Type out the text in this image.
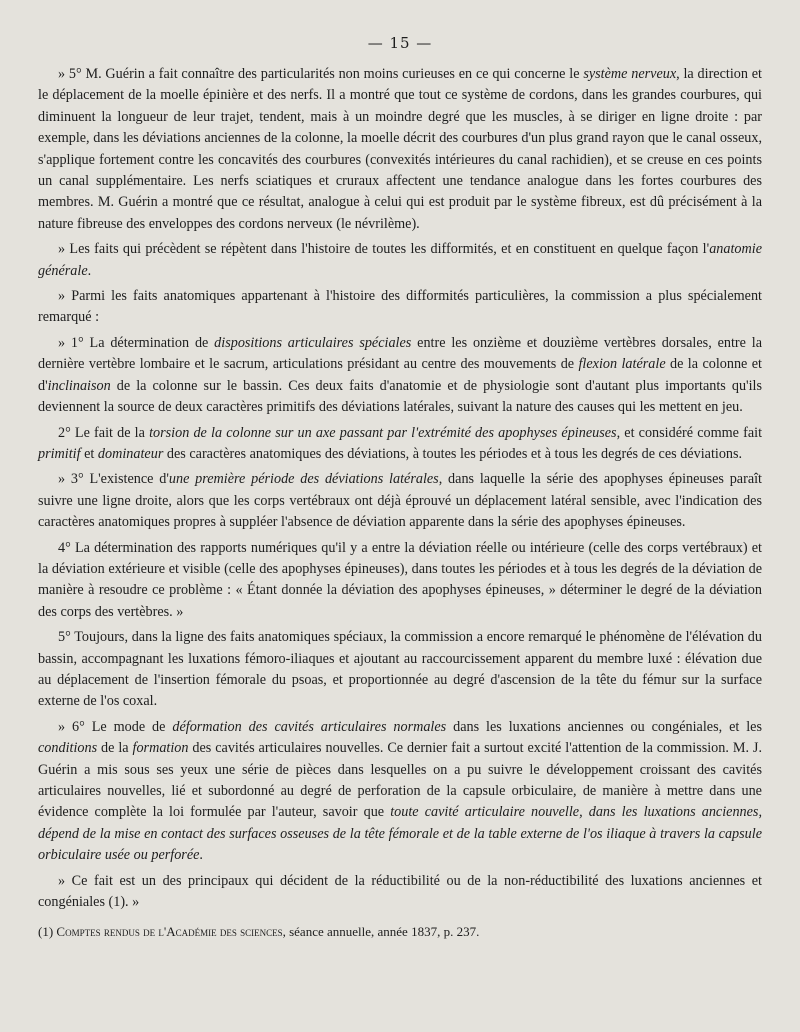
— 15 —

» 5° M. Guérin a fait connaître des particularités non moins curieuses en ce qui concerne le système nerveux, la direction et le déplacement de la moelle épinière et des nerfs. Il a montré que tout ce système de cordons, dans les grandes courbures, qui diminuent la longueur de leur trajet, tendent, mais à un moindre degré que les muscles, à se diriger en ligne droite : par exemple, dans les déviations anciennes de la colonne, la moelle décrit des courbures d'un plus grand rayon que le canal osseux, s'applique fortement contre les concavités des courbures (convexités intérieures du canal rachidien), et se creuse en ces points un canal supplémentaire. Les nerfs sciatiques et cruraux affectent une tendance analogue dans les fortes courbures des membres. M. Guérin a montré que ce résultat, analogue à celui qui est produit par le système fibreux, est dû précisément à la nature fibreuse des enveloppes des cordons nerveux (le névrilème).

» Les faits qui précèdent se répètent dans l'histoire de toutes les difformités, et en constituent en quelque façon l'anatomie générale.

» Parmi les faits anatomiques appartenant à l'histoire des difformités particulières, la commission a plus spécialement remarqué :

» 1° La détermination de dispositions articulaires spéciales entre les onzième et douzième vertèbres dorsales, entre la dernière vertèbre lombaire et le sacrum, articulations présidant au centre des mouvements de flexion latérale de la colonne et d'inclinaison de la colonne sur le bassin. Ces deux faits d'anatomie et de physiologie sont d'autant plus importants qu'ils deviennent la source de deux caractères primitifs des déviations latérales, suivant la nature des causes qui les mettent en jeu.

2° Le fait de la torsion de la colonne sur un axe passant par l'extrémité des apophyses épineuses, et considéré comme fait primitif et dominateur des caractères anatomiques des déviations, à toutes les périodes et à tous les degrés de ces déviations.

» 3° L'existence d'une première période des déviations latérales, dans laquelle la série des apophyses épineuses paraît suivre une ligne droite, alors que les corps vertébraux ont déjà éprouvé un déplacement latéral sensible, avec l'indication des caractères anatomiques propres à suppléer l'absence de déviation apparente dans la série des apophyses épineuses.

4° La détermination des rapports numériques qu'il y a entre la déviation réelle ou intérieure (celle des corps vertébraux) et la déviation extérieure et visible (celle des apophyses épineuses), dans toutes les périodes et à tous les degrés de la déviation de manière à resoudre ce problème : « Étant donnée la déviation des apophyses épineuses, » déterminer le degré de la déviation des corps des vertèbres. »

5° Toujours, dans la ligne des faits anatomiques spéciaux, la commission a encore remarqué le phénomène de l'élévation du bassin, accompagnant les luxations fémoro-iliaques et ajoutant au raccourcissement apparent du membre luxé : élévation due au déplacement de l'insertion fémorale du psoas, et proportionnée au degré d'ascension de la tête du fémur sur la surface externe de l'os coxal.

» 6° Le mode de déformation des cavités articulaires normales dans les luxations anciennes ou congéniales, et les conditions de la formation des cavités articulaires nouvelles. Ce dernier fait a surtout excité l'attention de la commission. M. J. Guérin a mis sous ses yeux une série de pièces dans lesquelles on a pu suivre le développement croissant des cavités articulaires nouvelles, lié et subordonné au degré de perforation de la capsule orbiculaire, de manière à mettre dans une évidence complète la loi formulée par l'auteur, savoir que toute cavité articulaire nouvelle, dans les luxations anciennes, dépend de la mise en contact des surfaces osseuses de la tête fémorale et de la table externe de l'os iliaque à travers la capsule orbiculaire usée ou perforée.

» Ce fait est un des principaux qui décident de la réductibilité ou de la non-réductibilité des luxations anciennes et congéniales (1). »

(1) Comptes rendus de l'Académie des sciences, séance annuelle, année 1837, p. 237.
